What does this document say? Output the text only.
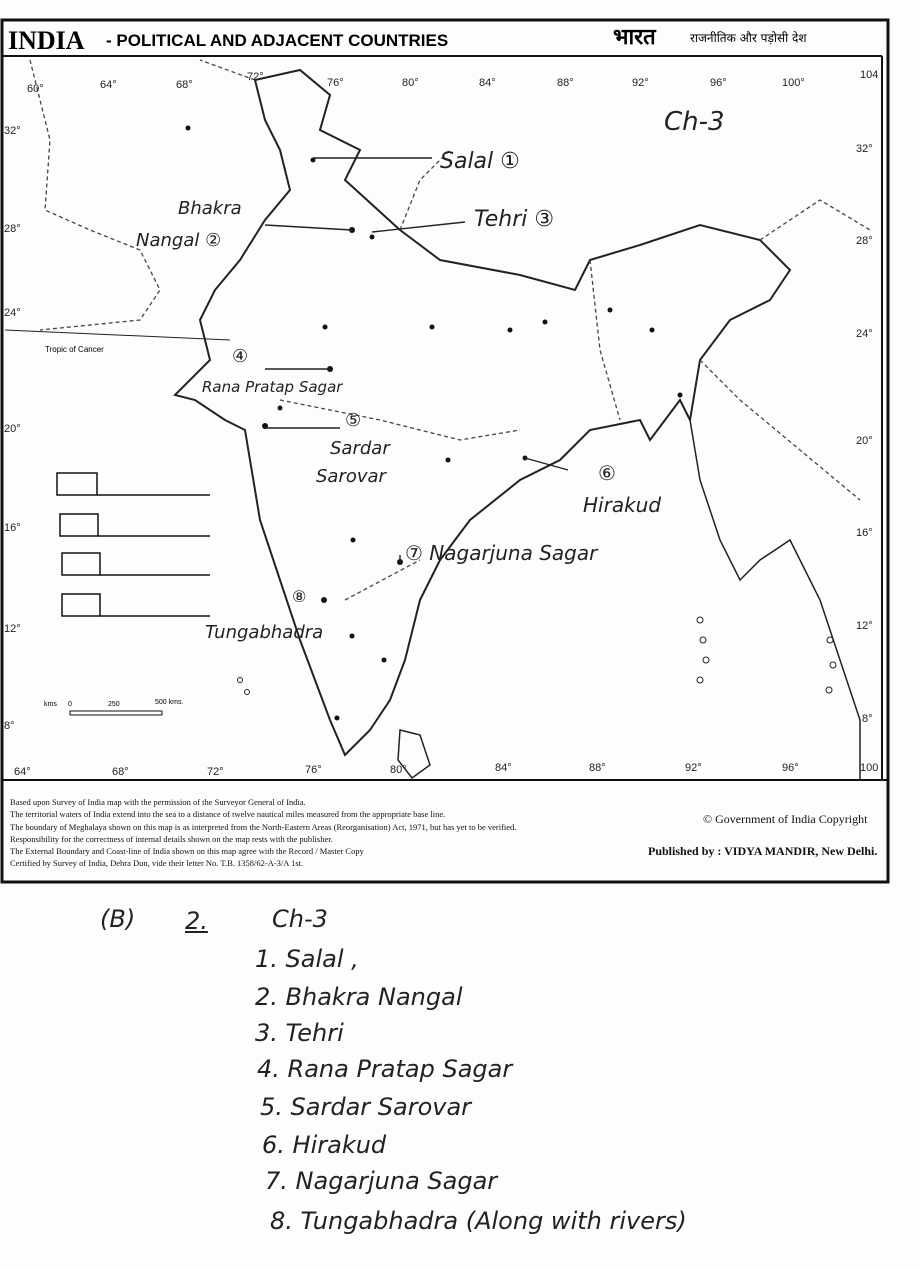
INDIA - POLITICAL AND ADJACENT COUNTRIES	भारत	राजनीतिक और पड़ोसी देश
Tropic of Cancer
60°	64°	68°
72°	76°	80°	84°	88°	92°	96°	100°
104
64°	68°	72°	76°	80°	84°	88°	92°	96°	100
32°
28°
24°
20°
16°
12°
8°
32°
28°
24°
20°
16°
12°
8°
kms 0	250	500 kms.
Ch-3
Salal ①
Bhakra
Nangal ②
Tehri ③
④
Rana Pratap Sagar
⑤
Sardar
Sarovar	⑥
Hirakud
⑦ Nagarjuna Sagar
⑧
Tungabhadra
Based upon Survey of India map with the permission of the Surveyor General of India.
The territorial waters of India extend into the sea to a distance of twelve nautical miles measured from the appropriate base line.
The boundary of Meghalaya shown on this map is as interpreted from the North-Eastern Areas (Reorganisation) Act, 1971, but has yet to be verified.
Responsibility for the correctness of internal details shown on the map rests with the publisher.
The External Boundary and Coast-line of India shown on this map agree with the Record / Master Copy
Certified by Survey of India, Dehra Dun, vide their letter No. T.B. 1358/62-A-3/A 1st.
© Government of India Copyright
Published by : VIDYA MANDIR, New Delhi.
(B) 2.	Ch-3
1. Salal ,
2. Bhakra Nangal
3. Tehri
4. Rana Pratap Sagar
5. Sardar Sarovar
6. Hirakud
7. Nagarjuna Sagar
8. Tungabhadra (Along with rivers)
